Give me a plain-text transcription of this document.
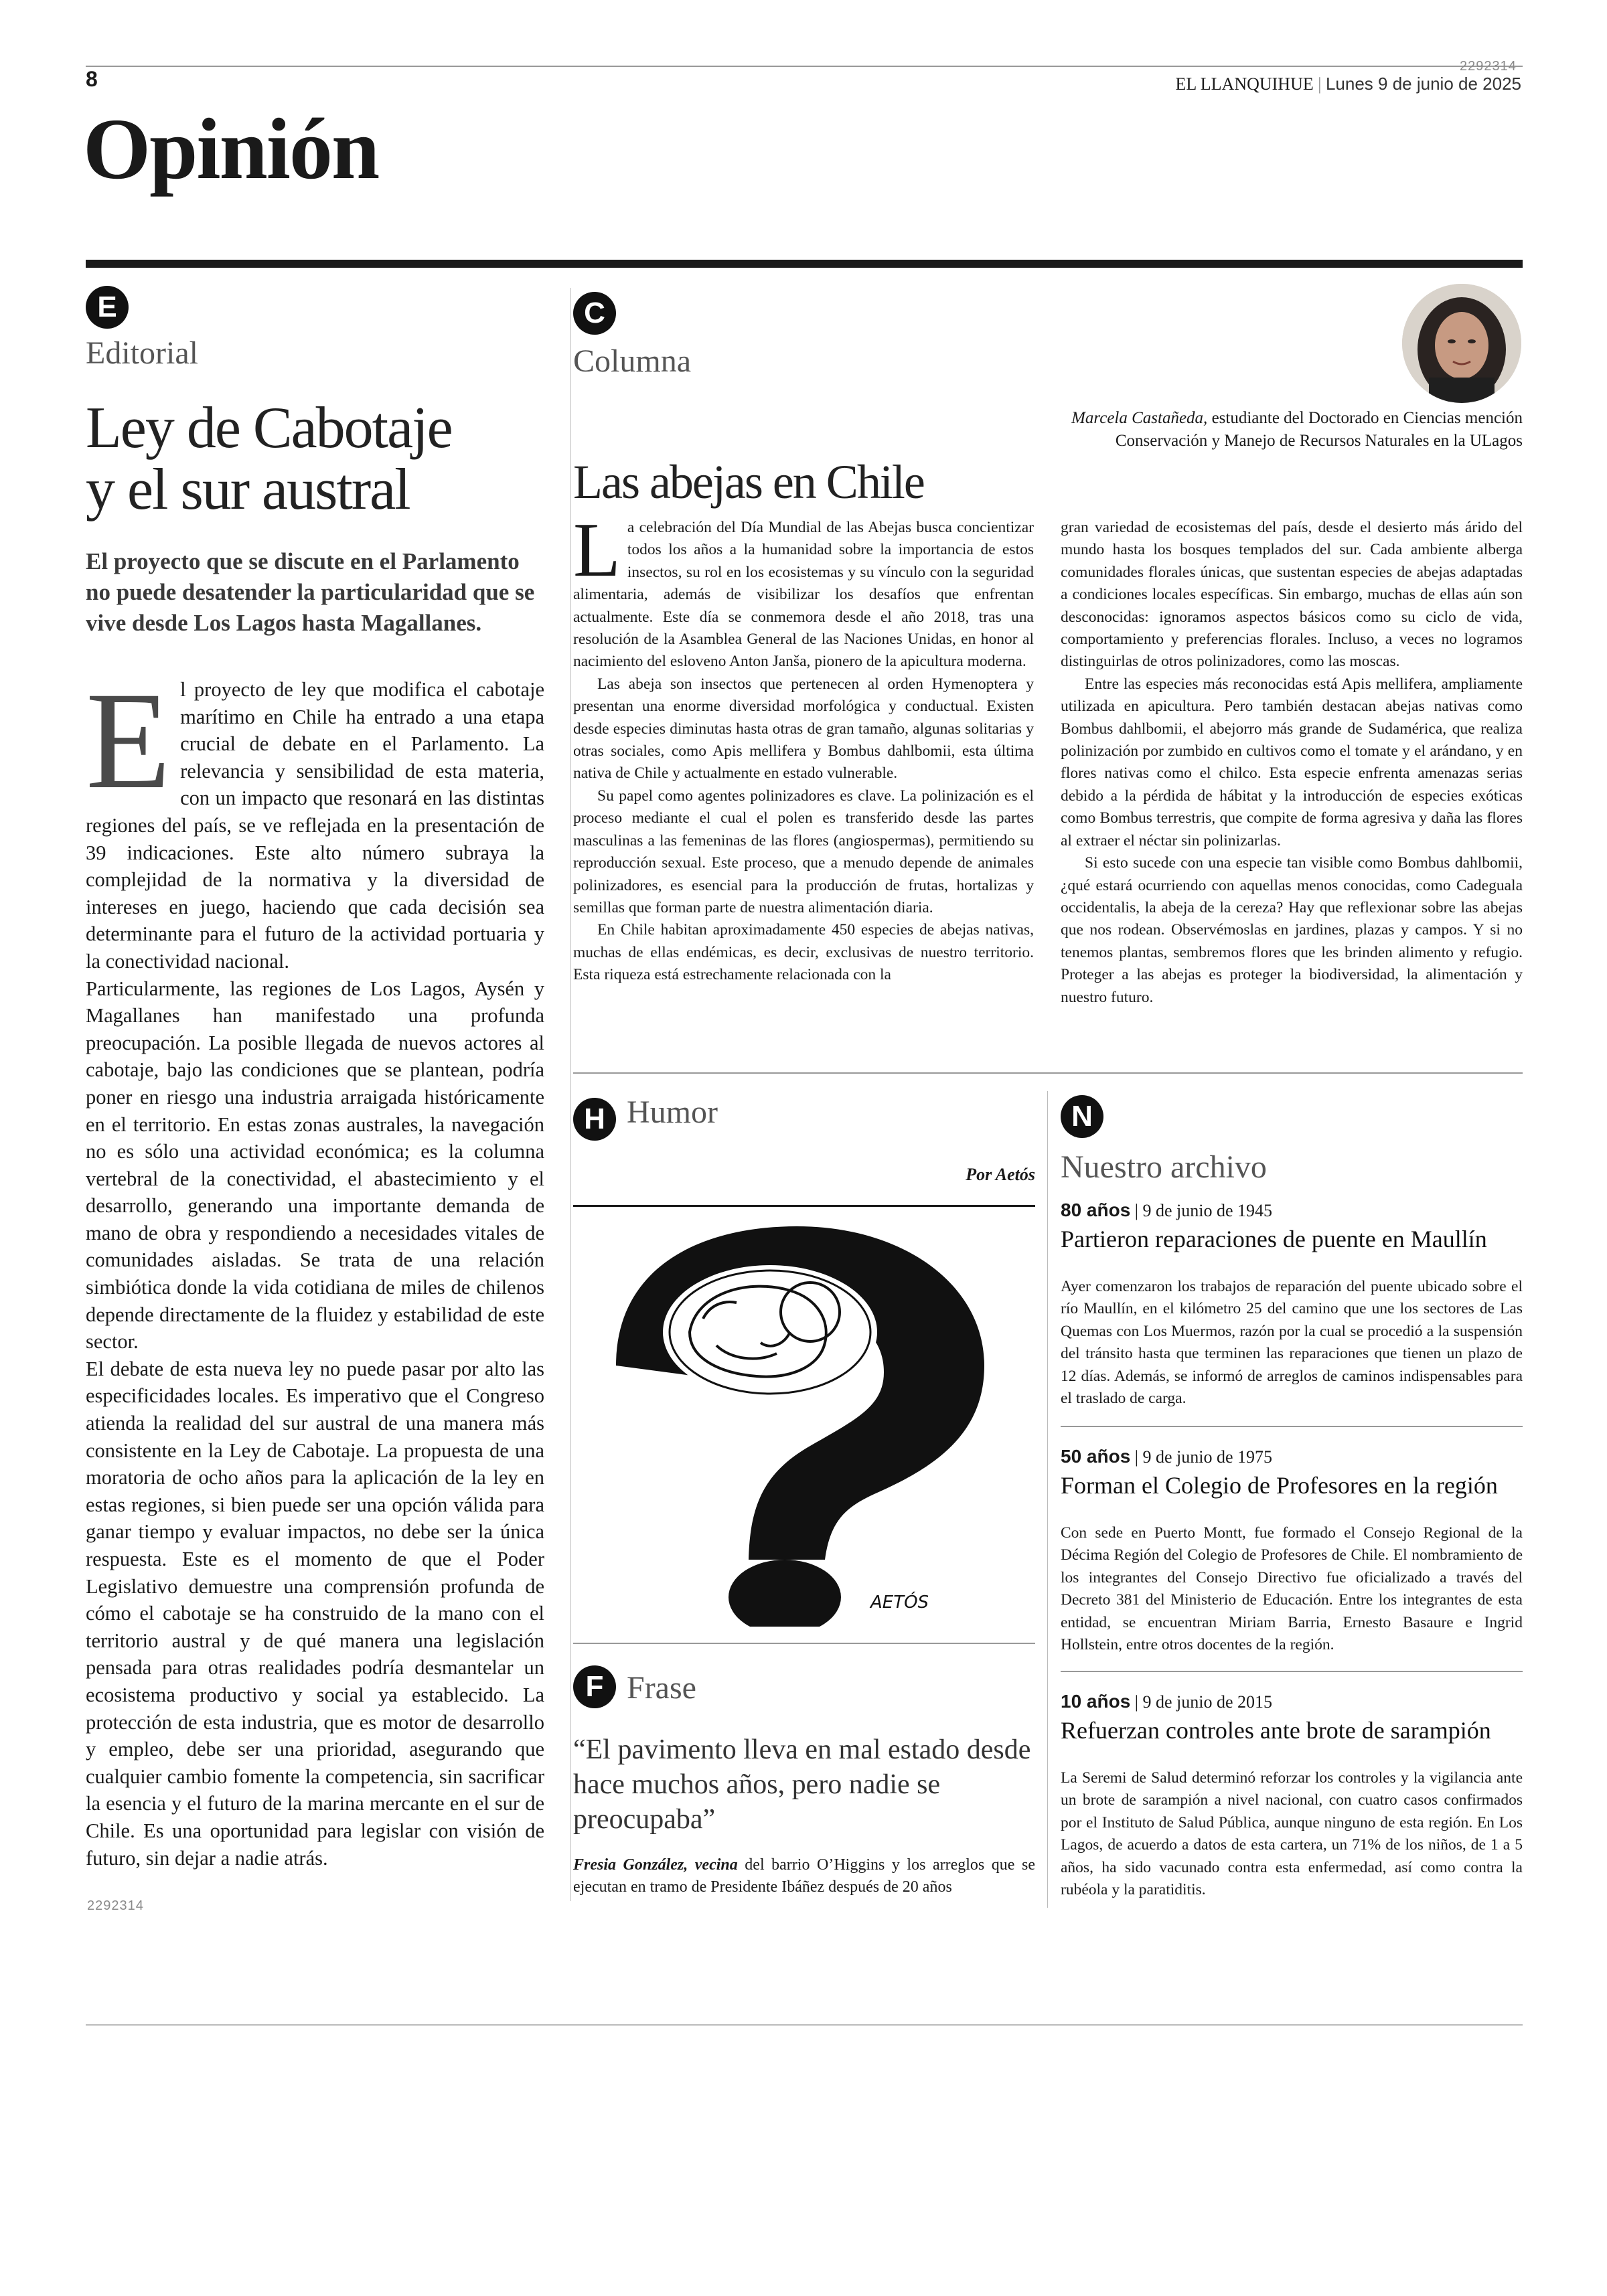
8
2292314
EL LLANQUIHUE | Lunes 9 de junio de 2025
Opinión
E
Editorial
Ley de Cabotaje
y el sur austral
El proyecto que se discute en el Parlamento no puede desatender la particularidad que se vive desde Los Lagos hasta Magallanes.

El proyecto de ley que modifica el cabotaje marítimo en Chile ha entrado a una etapa crucial de debate en el Parlamento. La relevancia y sensibilidad de esta materia, con un impacto que resonará en las distintas regiones del país, se ve reflejada en la presentación de 39 indicaciones. Este alto número subraya la complejidad de la normativa y la diversidad de intereses en juego, haciendo que cada decisión sea determinante para el futuro de la actividad portuaria y la conectividad nacional.

Particularmente, las regiones de Los Lagos, Aysén y Magallanes han manifestado una profunda preocupación. La posible llegada de nuevos actores al cabotaje, bajo las condiciones que se plantean, podría poner en riesgo una industria arraigada históricamente en el territorio. En estas zonas australes, la navegación no es sólo una actividad económica; es la columna vertebral de la conectividad, el abastecimiento y el desarrollo, generando una importante demanda de mano de obra y respondiendo a necesidades vitales de comunidades aisladas. Se trata de una relación simbiótica donde la vida cotidiana de miles de chilenos depende directamente de la fluidez y estabilidad de este sector.

El debate de esta nueva ley no puede pasar por alto las especificidades locales. Es imperativo que el Congreso atienda la realidad del sur austral de una manera más consistente en la Ley de Cabotaje. La propuesta de una moratoria de ocho años para la aplicación de la ley en estas regiones, si bien puede ser una opción válida para ganar tiempo y evaluar impactos, no debe ser la única respuesta. Este es el momento de que el Poder Legislativo demuestre una comprensión profunda de cómo el cabotaje se ha construido de la mano con el territorio austral y de qué manera una legislación pensada para otras realidades podría desmantelar un ecosistema productivo y social ya establecido. La protección de esta industria, que es motor de desarrollo y empleo, debe ser una prioridad, asegurando que cualquier cambio fomente la competencia, sin sacrificar la esencia y el futuro de la marina mercante en el sur de Chile. Es una oportunidad para legislar con visión de futuro, sin dejar a nadie atrás.

2292314
C
Columna
Marcela Castañeda, estudiante del Doctorado en Ciencias mención Conservación y Manejo de Recursos Naturales en la ULagos
Las abejas en Chile

La celebración del Día Mundial de las Abejas busca concientizar todos los años a la humanidad sobre la importancia de estos insectos, su rol en los ecosistemas y su vínculo con la seguridad alimentaria, además de visibilizar los desafíos que enfrentan actualmente. Este día se conmemora desde el año 2018, tras una resolución de la Asamblea General de las Naciones Unidas, en honor al nacimiento del esloveno Anton Janša, pionero de la apicultura moderna.

Las abeja son insectos que pertenecen al orden Hymenoptera y presentan una enorme diversidad morfológica y conductual. Existen desde especies diminutas hasta otras de gran tamaño, algunas solitarias y otras sociales, como Apis mellifera y Bombus dahlbomii, esta última nativa de Chile y actualmente en estado vulnerable.

Su papel como agentes polinizadores es clave. La polinización es el proceso mediante el cual el polen es transferido desde las partes masculinas a las femeninas de las flores (angiospermas), permitiendo su reproducción sexual. Este proceso, que a menudo depende de animales polinizadores, es esencial para la producción de frutas, hortalizas y semillas que forman parte de nuestra alimentación diaria.

En Chile habitan aproximadamente 450 especies de abejas nativas, muchas de ellas endémicas, es decir, exclusivas de nuestro territorio. Esta riqueza está estrechamente relacionada con la

gran variedad de ecosistemas del país, desde el desierto más árido del mundo hasta los bosques templados del sur. Cada ambiente alberga comunidades florales únicas, que sustentan especies de abejas adaptadas a condiciones locales específicas. Sin embargo, muchas de ellas aún son desconocidas: ignoramos aspectos básicos como su ciclo de vida, comportamiento y preferencias florales. Incluso, a veces no logramos distinguirlas de otros polinizadores, como las moscas.

Entre las especies más reconocidas está Apis mellifera, ampliamente utilizada en apicultura. Pero también destacan abejas nativas como Bombus dahlbomii, el abejorro más grande de Sudamérica, que realiza polinización por zumbido en cultivos como el tomate y el arándano, y en flores nativas como el chilco. Esta especie enfrenta amenazas serias debido a la pérdida de hábitat y la introducción de especies exóticas como Bombus terrestris, que compite de forma agresiva y daña las flores al extraer el néctar sin polinizarlas.

Si esto sucede con una especie tan visible como Bombus dahlbomii, ¿qué estará ocurriendo con aquellas menos conocidas, como Cadeguala occidentalis, la abeja de la cereza? Hay que reflexionar sobre las abejas que nos rodean. Observémoslas en jardines, plazas y campos. Y si no tenemos plantas, sembremos flores que les brinden alimento y refugio. Proteger a las abejas es proteger la biodiversidad, la alimentación y nuestro futuro.

H Humor
Por Aetós
AETÓS
F Frase
“El pavimento lleva en mal estado desde hace muchos años, pero nadie se preocupaba”
Fresia González, vecina del barrio O’Higgins y los arreglos que se ejecutan en tramo de Presidente Ibáñez después de 20 años
N
Nuestro archivo
80 años | 9 de junio de 1945
Partieron reparaciones de puente en Maullín

Ayer comenzaron los trabajos de reparación del puente ubicado sobre el río Maullín, en el kilómetro 25 del camino que une los sectores de Las Quemas con Los Muermos, razón por la cual se procedió a la suspensión del tránsito hasta que terminen las reparaciones que tienen un plazo de 12 días. Además, se informó de arreglos de caminos indispensables para el traslado de carga.

50 años | 9 de junio de 1975
Forman el Colegio de Profesores en la región

Con sede en Puerto Montt, fue formado el Consejo Regional de la Décima Región del Colegio de Profesores de Chile. El nombramiento de los integrantes del Consejo Directivo fue oficializado a través del Decreto 381 del Ministerio de Educación. Entre los integrantes de esta entidad, se encuentran Miriam Barria, Ernesto Basaure e Ingrid Hollstein, entre otros docentes de la región.

10 años | 9 de junio de 2015
Refuerzan controles ante brote de sarampión

La Seremi de Salud determinó reforzar los controles y la vigilancia ante un brote de sarampión a nivel nacional, con cuatro casos confirmados por el Instituto de Salud Pública, aunque ninguno de esta región. En Los Lagos, de acuerdo a datos de esta cartera, un 71% de los niños, de 1 a 5 años, ha sido vacunado contra esta enfermedad, así como contra la rubéola y la paratiditis.
